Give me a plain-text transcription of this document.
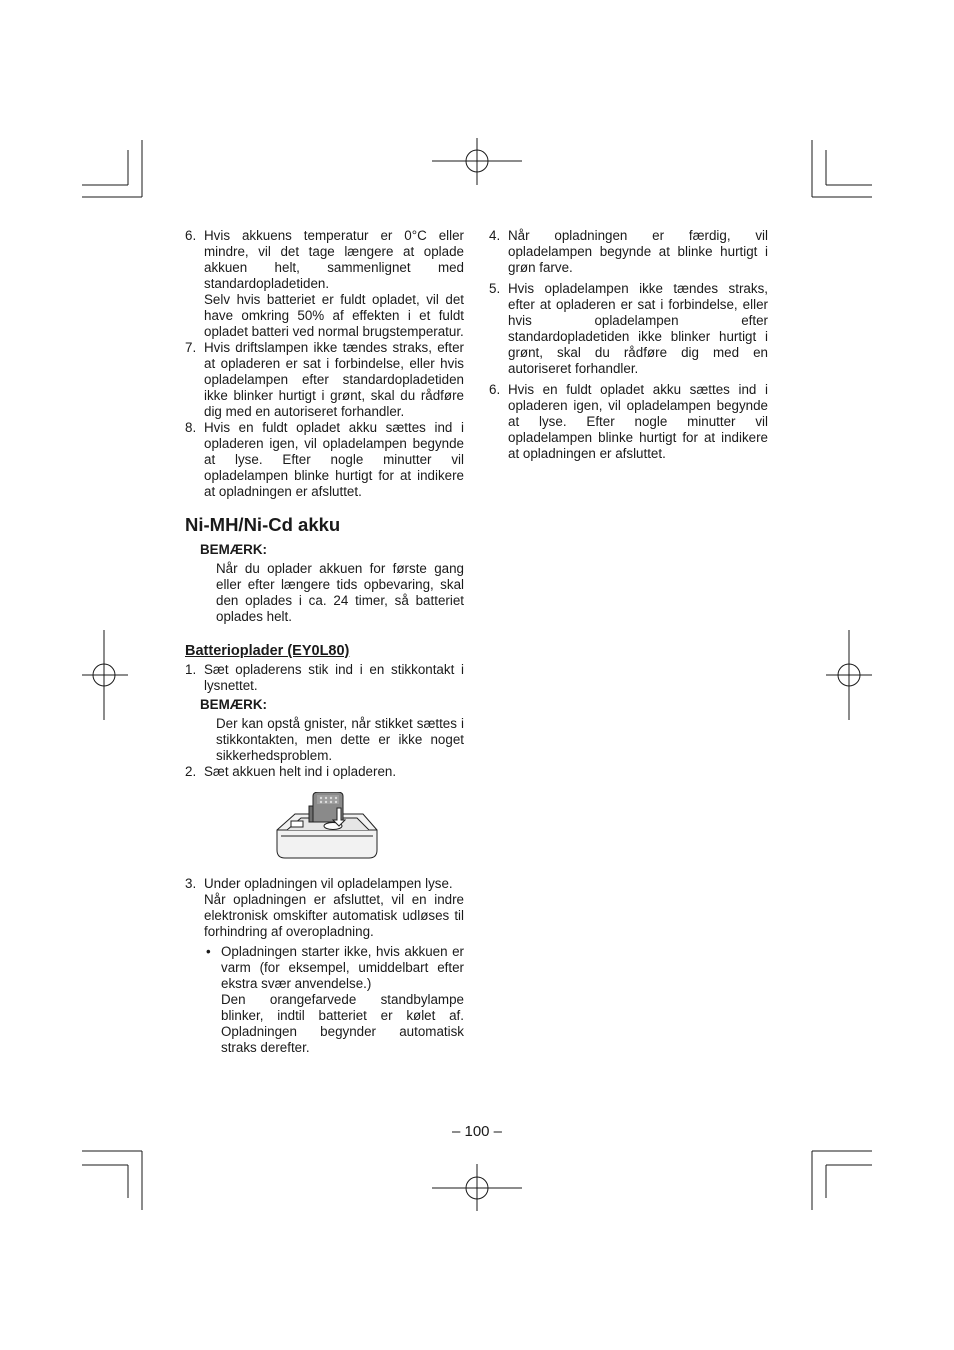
6. Hvis akkuens temperatur er 0°C eller mindre, vil det tage længere at oplade akkuen helt, sammenlignet med standardopladetiden.

Selv hvis batteriet er fuldt opladet, vil det have omkring 50% af effekten i et fuldt opladet batteri ved normal brugstemperatur.

7. Hvis driftslampen ikke tændes straks, efter at opladeren er sat i forbindelse, eller hvis opladelampen efter standardopladetiden ikke blinker hurtigt i grønt, skal du rådføre dig med en autoriseret forhandler.

8. Hvis en fuldt opladet akku sættes ind i opladeren igen, vil opladelampen begynde at lyse. Efter nogle minutter vil opladelampen blinke hurtigt for at indikere at opladningen er afsluttet.

Ni-MH/Ni-Cd akku
BEMÆRK:
Når du oplader akkuen for første gang eller efter længere tids opbevaring, skal den oplades i ca. 24 timer, så batteriet oplades helt.
Batterioplader (EY0L80)
1. Sæt opladerens stik ind i en stikkontakt i lysnettet.

BEMÆRK:
Der kan opstå gnister, når stikket sættes i stikkontakten, men dette er ikke noget sikkerhedsproblem.
2. Sæt akkuen helt ind i opladeren.

3. Under opladningen vil opladelampen lyse.

Når opladningen er afsluttet, vil en indre elektronisk omskifter automatisk udløses til forhindring af overopladning.

• Opladningen starter ikke, hvis akkuen er varm (for eksempel, umiddelbart efter ekstra svær anvendelse.)

Den orangefarvede standbylampe blinker, indtil batteriet er kølet af. Opladningen begynder automatisk straks derefter.

4. Når opladningen er færdig, vil opladelampen begynde at blinke hurtigt i grøn farve.

5. Hvis opladelampen ikke tændes straks, efter at opladeren er sat i forbindelse, eller hvis opladelampen efter standardopladetiden ikke blinker hurtigt i grønt, skal du rådføre dig med en autoriseret forhandler.

6. Hvis en fuldt opladet akku sættes ind i opladeren igen, vil opladelampen begynde at lyse. Efter nogle minutter vil opladelampen blinke hurtigt for at indikere at opladningen er afsluttet.

– 100 –
